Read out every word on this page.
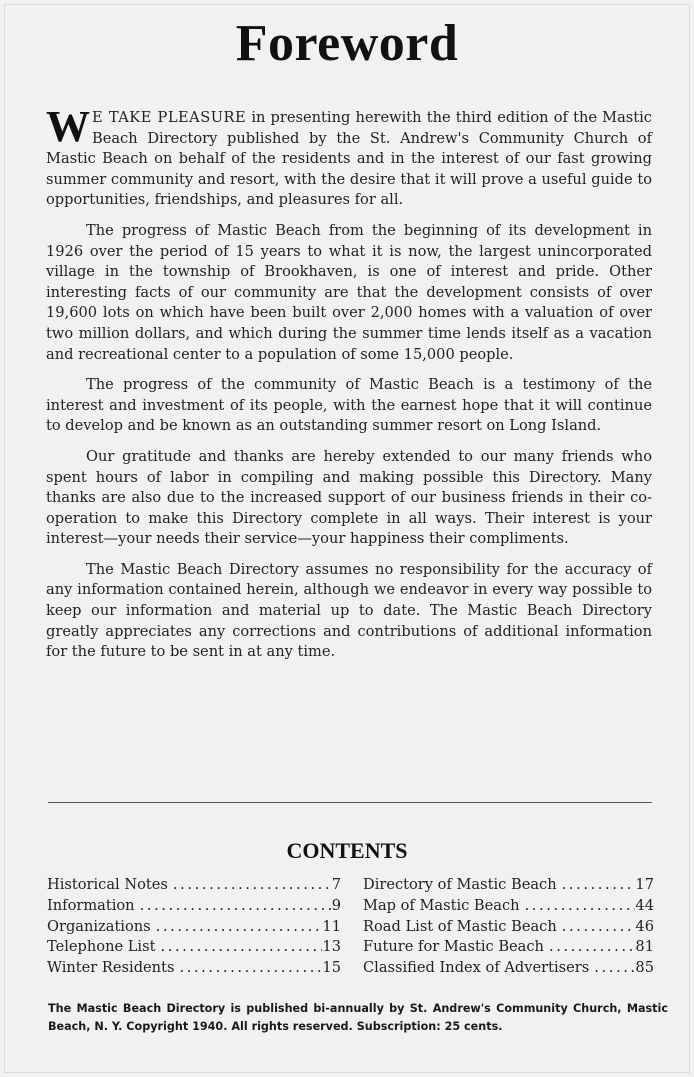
Foreword

W E TAKE PLEASURE in presenting herewith the third edition of the Mastic Beach Directory published by the St. Andrew's Community Church of Mastic Beach on behalf of the residents and in the interest of our fast growing summer community and resort, with the desire that it will prove a useful guide to opportunities, friendships, and pleasures for all.

The progress of Mastic Beach from the beginning of its development in 1926 over the period of 15 years to what it is now, the largest unincorporated village in the township of Brookhaven, is one of interest and pride. Other interesting facts of our community are that the development consists of over 19,600 lots on which have been built over 2,000 homes with a valuation of over two million dollars, and which during the summer time lends itself as a vacation and recreational center to a population of some 15,000 people.

The progress of the community of Mastic Beach is a testimony of the interest and investment of its people, with the earnest hope that it will continue to develop and be known as an outstanding summer resort on Long Island.

Our gratitude and thanks are hereby extended to our many friends who spent hours of labor in compiling and making possible this Directory. Many thanks are also due to the increased support of our business friends in their co-operation to make this Directory complete in all ways. Their interest is your interest—your needs their service—your happiness their compliments.

The Mastic Beach Directory assumes no responsibility for the accuracy of any information contained herein, although we endeavor in every way possible to keep our information and material up to date. The Mastic Beach Directory greatly appreciates any corrections and contributions of additional information for the future to be sent in at any time.

CONTENTS
Historical Notes .....	7
Information .....	9
Organizations .....	11
Telephone List .....	13
Winter Residents .....	15
Directory of Mastic Beach .....	17
Map of Mastic Beach .....	44
Road List of Mastic Beach .....	46
Future for Mastic Beach .....	81
Classified Index of Advertisers .....	85
The Mastic Beach Directory is published bi-annually by St. Andrew's Community Church, Mastic Beach, N. Y. Copyright 1940. All rights reserved. Subscription: 25 cents.
